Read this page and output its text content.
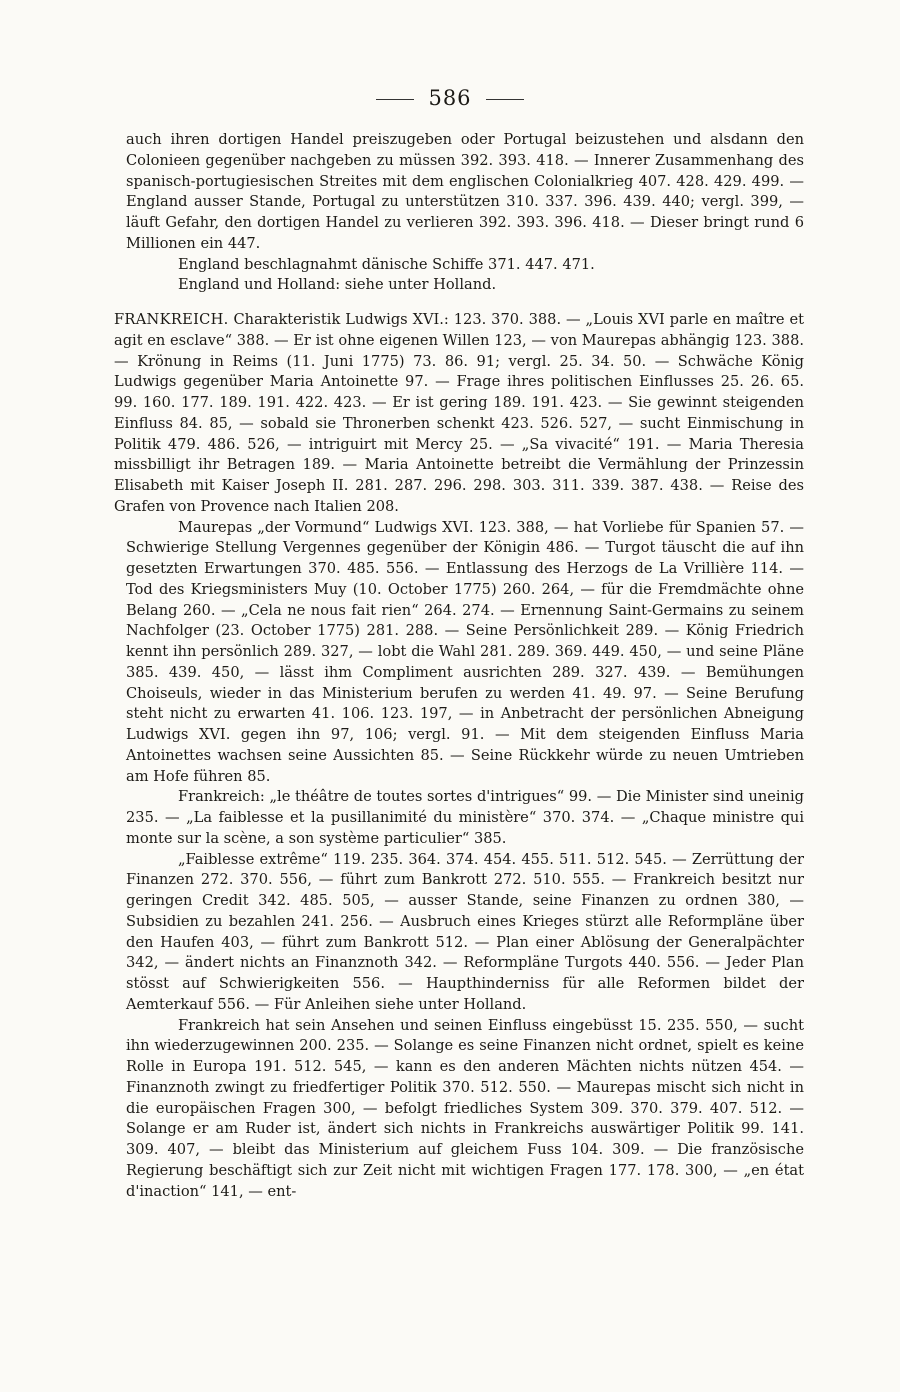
586

auch ihren dortigen Handel preiszugeben oder Portugal beizustehen und alsdann den Colonieen gegenüber nachgeben zu müssen 392. 393. 418. — Innerer Zusammenhang des spanisch-portugiesischen Streites mit dem englischen Colonialkrieg 407. 428. 429. 499. — England ausser Stande, Portugal zu unterstützen 310. 337. 396. 439. 440; vergl. 399, — läuft Gefahr, den dortigen Handel zu verlieren 392. 393. 396. 418. — Dieser bringt rund 6 Millionen ein 447.

England beschlagnahmt dänische Schiffe 371. 447. 471.

England und Holland: siehe unter Holland.

FRANKREICH. Charakteristik Ludwigs XVI.: 123. 370. 388. — „Louis XVI parle en maître et agit en esclave“ 388. — Er ist ohne eigenen Willen 123, — von Maurepas abhängig 123. 388. — Krönung in Reims (11. Juni 1775) 73. 86. 91; vergl. 25. 34. 50. — Schwäche König Ludwigs gegenüber Maria Antoinette 97. — Frage ihres politischen Einflusses 25. 26. 65. 99. 160. 177. 189. 191. 422. 423. — Er ist gering 189. 191. 423. — Sie gewinnt steigenden Einfluss 84. 85, — sobald sie Thronerben schenkt 423. 526. 527, — sucht Einmischung in Politik 479. 486. 526, — intriguirt mit Mercy 25. — „Sa vivacité“ 191. — Maria Theresia missbilligt ihr Betragen 189. — Maria Antoinette betreibt die Vermählung der Prinzessin Elisabeth mit Kaiser Joseph II. 281. 287. 296. 298. 303. 311. 339. 387. 438. — Reise des Grafen von Provence nach Italien 208.

Maurepas „der Vormund“ Ludwigs XVI. 123. 388, — hat Vorliebe für Spanien 57. — Schwierige Stellung Vergennes gegenüber der Königin 486. — Turgot täuscht die auf ihn gesetzten Erwartungen 370. 485. 556. — Entlassung des Herzogs de La Vrillière 114. — Tod des Kriegsministers Muy (10. October 1775) 260. 264, — für die Fremdmächte ohne Belang 260. — „Cela ne nous fait rien“ 264. 274. — Ernennung Saint-Germains zu seinem Nachfolger (23. October 1775) 281. 288. — Seine Persönlichkeit 289. — König Friedrich kennt ihn persönlich 289. 327, — lobt die Wahl 281. 289. 369. 449. 450, — und seine Pläne 385. 439. 450, — lässt ihm Compliment ausrichten 289. 327. 439. — Bemühungen Choiseuls, wieder in das Ministerium berufen zu werden 41. 49. 97. — Seine Berufung steht nicht zu erwarten 41. 106. 123. 197, — in Anbetracht der persönlichen Abneigung Ludwigs XVI. gegen ihn 97, 106; vergl. 91. — Mit dem steigenden Einfluss Maria Antoinettes wachsen seine Aussichten 85. — Seine Rückkehr würde zu neuen Umtrieben am Hofe führen 85.

Frankreich: „le théâtre de toutes sortes d'intrigues“ 99. — Die Minister sind uneinig 235. — „La faiblesse et la pusillanimité du ministère“ 370. 374. — „Chaque ministre qui monte sur la scène, a son système particulier“ 385.

„Faiblesse extrême“ 119. 235. 364. 374. 454. 455. 511. 512. 545. — Zerrüttung der Finanzen 272. 370. 556, — führt zum Bankrott 272. 510. 555. — Frankreich besitzt nur geringen Credit 342. 485. 505, — ausser Stande, seine Finanzen zu ordnen 380, — Subsidien zu bezahlen 241. 256. — Ausbruch eines Krieges stürzt alle Reformpläne über den Haufen 403, — führt zum Bankrott 512. — Plan einer Ablösung der Generalpächter 342, — ändert nichts an Finanznoth 342. — Reformpläne Turgots 440. 556. — Jeder Plan stösst auf Schwierigkeiten 556. — Haupthinderniss für alle Reformen bildet der Aemterkauf 556. — Für Anleihen siehe unter Holland.

Frankreich hat sein Ansehen und seinen Einfluss eingebüsst 15. 235. 550, — sucht ihn wiederzugewinnen 200. 235. — Solange es seine Finanzen nicht ordnet, spielt es keine Rolle in Europa 191. 512. 545, — kann es den anderen Mächten nichts nützen 454. — Finanznoth zwingt zu friedfertiger Politik 370. 512. 550. — Maurepas mischt sich nicht in die europäischen Fragen 300, — befolgt friedliches System 309. 370. 379. 407. 512. — Solange er am Ruder ist, ändert sich nichts in Frankreichs auswärtiger Politik 99. 141. 309. 407, — bleibt das Ministerium auf gleichem Fuss 104. 309. — Die französische Regierung beschäftigt sich zur Zeit nicht mit wichtigen Fragen 177. 178. 300, — „en état d'inaction“ 141, — ent-
